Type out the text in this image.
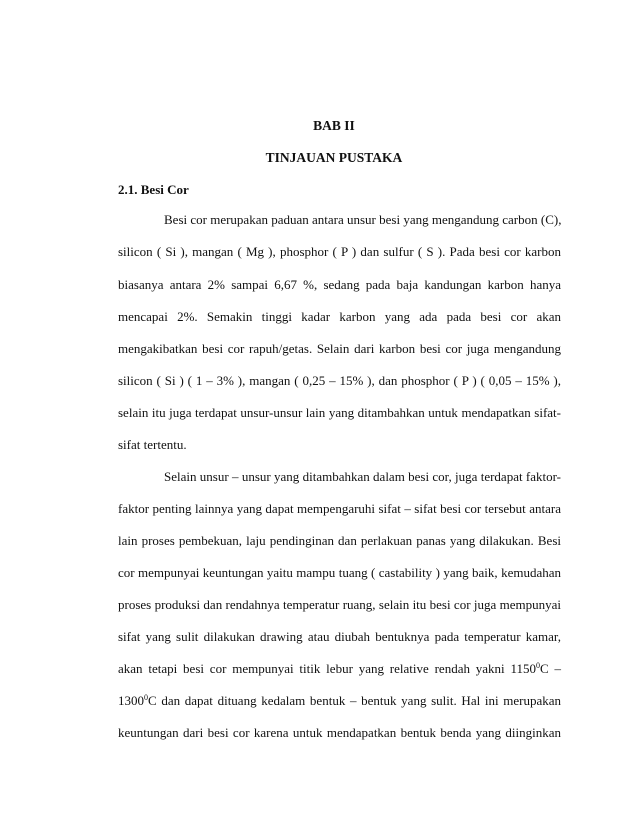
BAB II
TINJAUAN PUSTAKA
2.1. Besi Cor
Besi cor merupakan paduan antara unsur besi yang mengandung carbon (C),
silicon ( Si ), mangan ( Mg ), phosphor ( P ) dan sulfur ( S ). Pada besi cor karbon
biasanya antara 2% sampai 6,67 %, sedang pada baja kandungan karbon hanya
mencapai 2%. Semakin tinggi kadar karbon yang ada pada besi cor akan
mengakibatkan besi cor rapuh/getas. Selain dari karbon besi cor juga mengandung
silicon ( Si ) ( 1 – 3% ), mangan ( 0,25 – 15% ), dan phosphor ( P ) ( 0,05 – 15% ),
selain itu juga terdapat unsur-unsur lain yang ditambahkan untuk mendapatkan sifat-
sifat tertentu.
Selain unsur – unsur yang ditambahkan dalam besi cor, juga terdapat faktor-
faktor penting lainnya yang dapat mempengaruhi sifat – sifat besi cor tersebut antara
lain proses pembekuan, laju pendinginan dan perlakuan panas yang dilakukan. Besi
cor mempunyai keuntungan yaitu mampu tuang ( castability ) yang baik, kemudahan
proses produksi dan rendahnya temperatur ruang, selain itu besi cor juga mempunyai
sifat yang sulit dilakukan drawing atau diubah bentuknya pada temperatur kamar,
akan tetapi besi cor mempunyai titik lebur yang relative rendah yakni 1150$^0$C –
1300$^0$C dan dapat dituang kedalam bentuk – bentuk yang sulit. Hal ini merupakan
keuntungan dari besi cor karena untuk mendapatkan bentuk benda yang diinginkan
